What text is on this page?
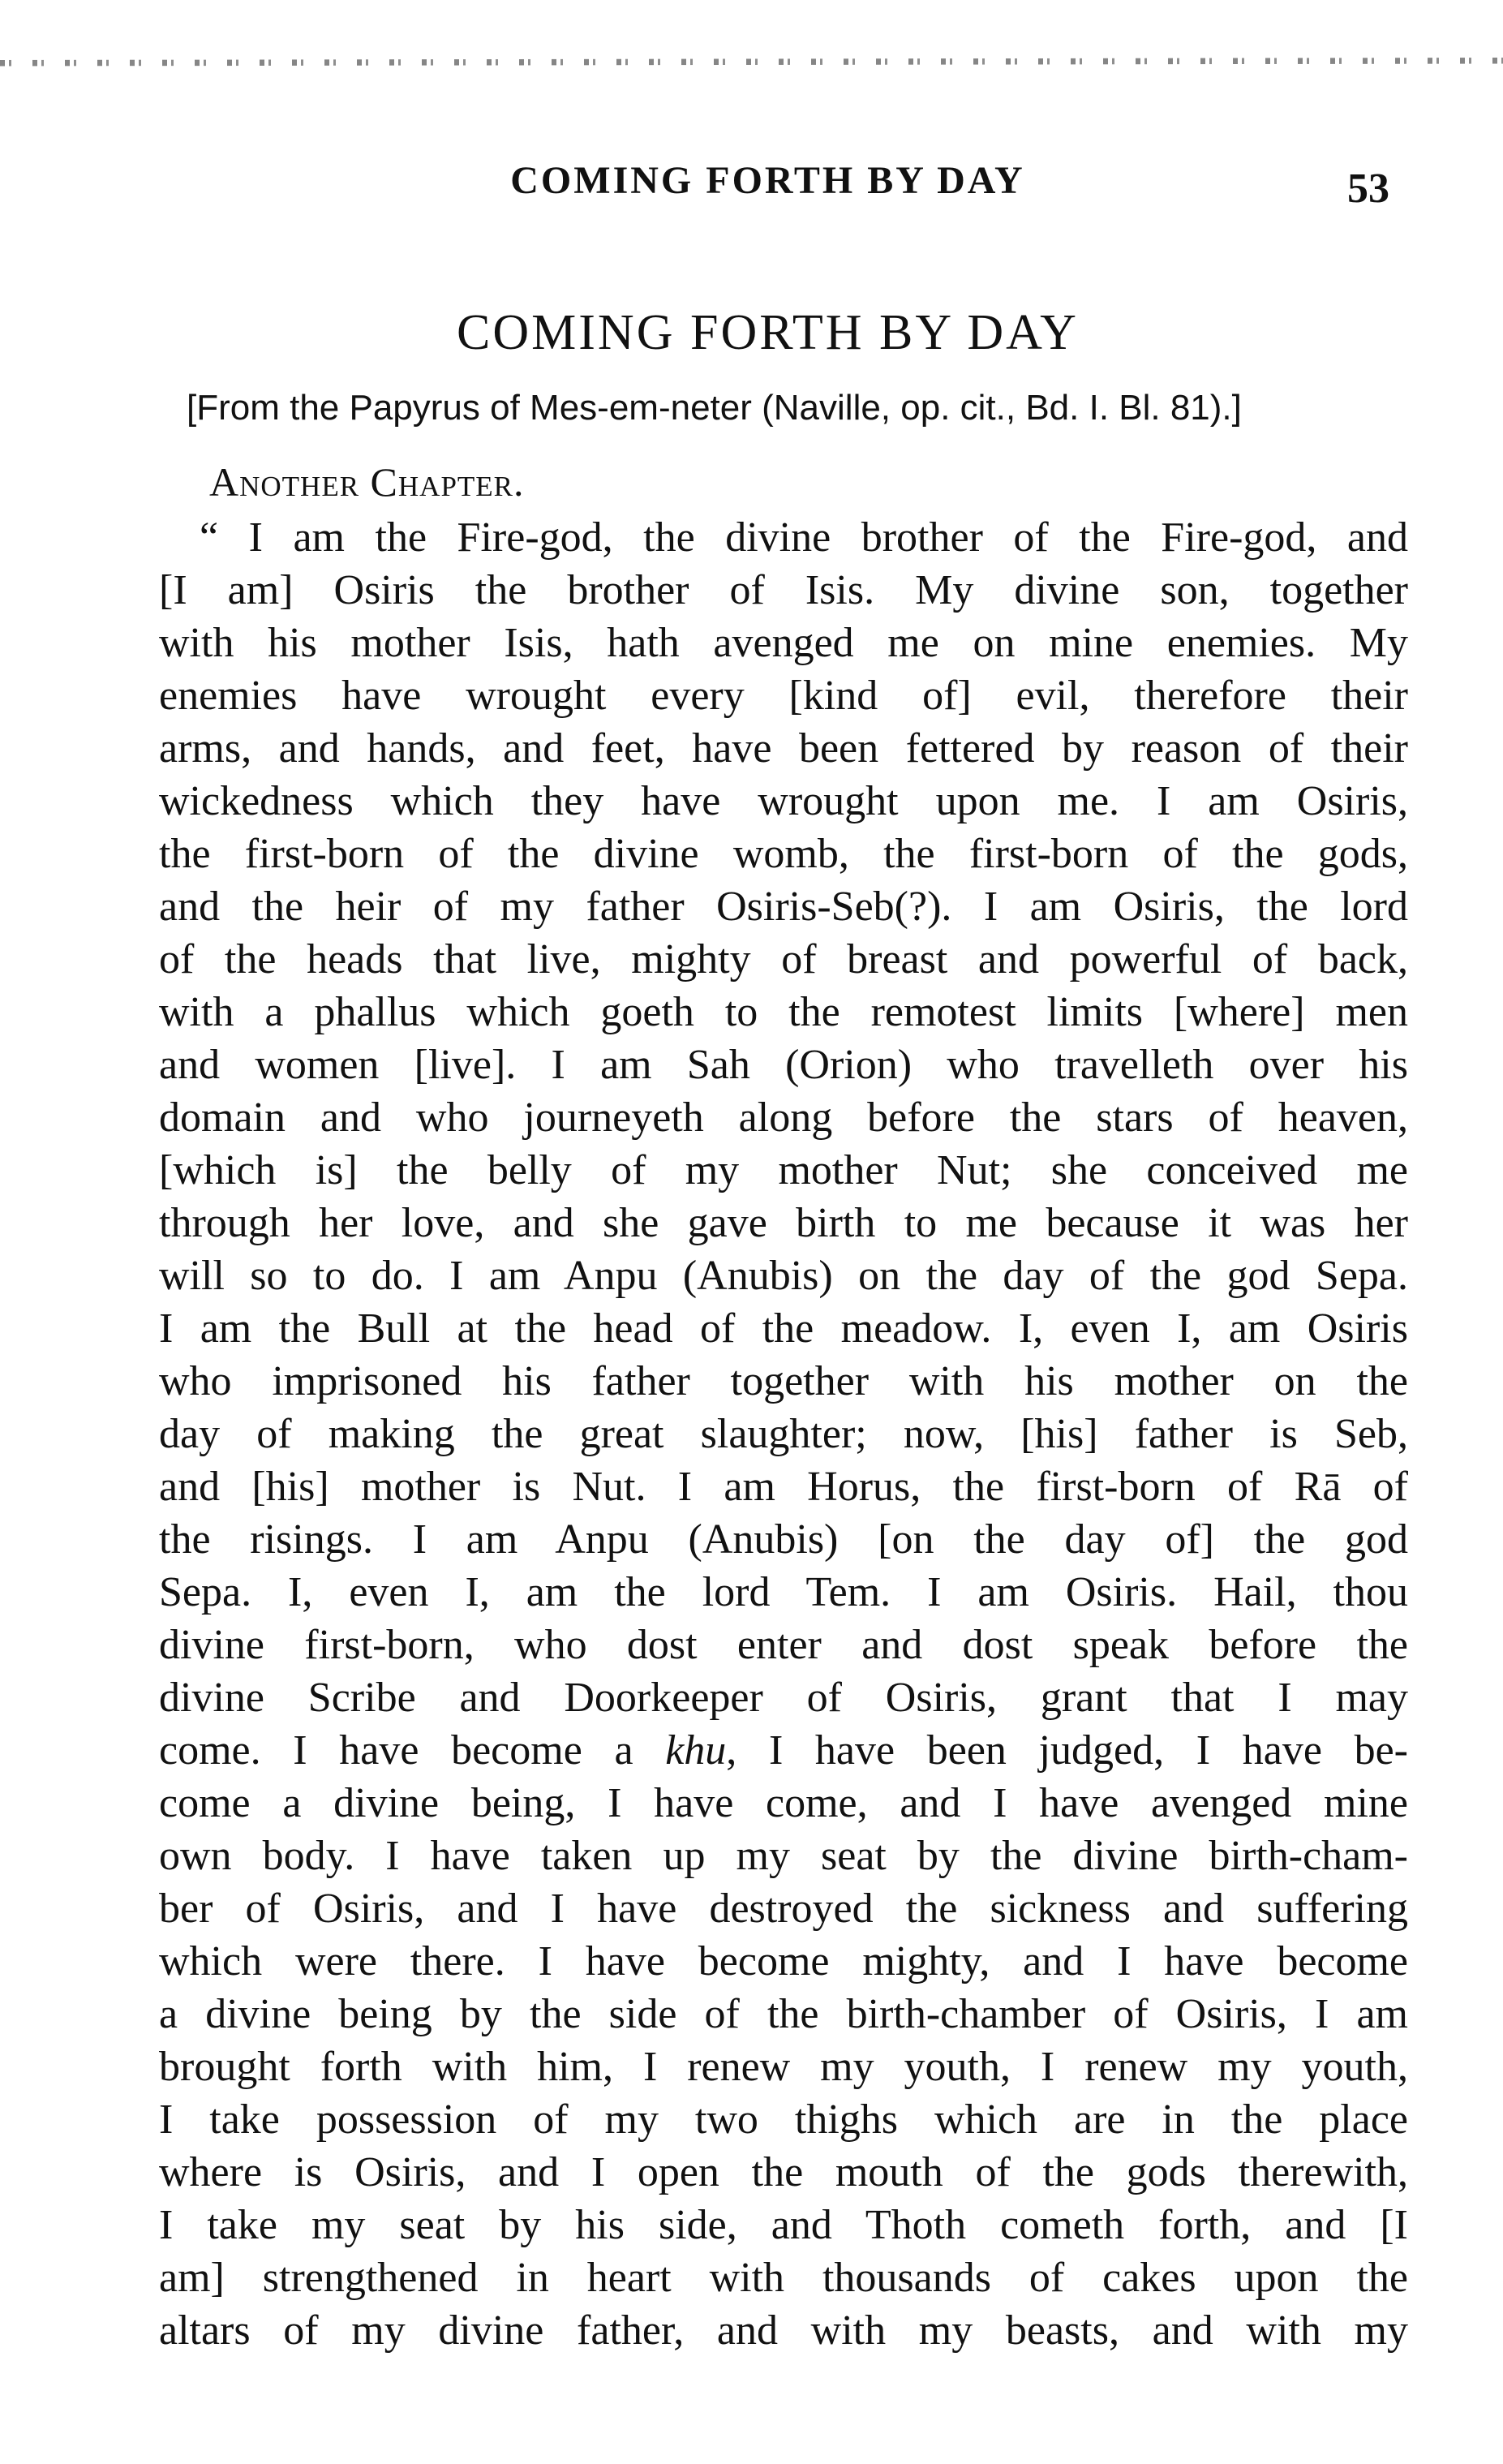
COMING FORTH BY DAY	53
COMING FORTH BY DAY
[From the Papyrus of Mes-em-neter (Naville, op. cit., Bd. I. Bl. 81).]
Another Chapter.
“ I am the Fire-god, the divine brother of the Fire-god, and
[I am] Osiris the brother of Isis. My divine son, together
with his mother Isis, hath avenged me on mine enemies. My
enemies have wrought every [kind of] evil, therefore their
arms, and hands, and feet, have been fettered by reason of their
wickedness which they have wrought upon me. I am Osiris,
the first-born of the divine womb, the first-born of the gods,
and the heir of my father Osiris-Seb(?). I am Osiris, the lord
of the heads that live, mighty of breast and powerful of back,
with a phallus which goeth to the remotest limits [where] men
and women [live]. I am Sah (Orion) who travelleth over his
domain and who journeyeth along before the stars of heaven,
[which is] the belly of my mother Nut; she conceived me
through her love, and she gave birth to me because it was her
will so to do. I am Anpu (Anubis) on the day of the god Sepa.
I am the Bull at the head of the meadow. I, even I, am Osiris
who imprisoned his father together with his mother on the
day of making the great slaughter; now, [his] father is Seb,
and [his] mother is Nut. I am Horus, the first-born of Rā of
the risings. I am Anpu (Anubis) [on the day of] the god
Sepa. I, even I, am the lord Tem. I am Osiris. Hail, thou
divine first-born, who dost enter and dost speak before the
divine Scribe and Doorkeeper of Osiris, grant that I may
come. I have become a khu, I have been judged, I have be-
come a divine being, I have come, and I have avenged mine
own body. I have taken up my seat by the divine birth-cham-
ber of Osiris, and I have destroyed the sickness and suffering
which were there. I have become mighty, and I have become
a divine being by the side of the birth-chamber of Osiris, I am
brought forth with him, I renew my youth, I renew my youth,
I take possession of my two thighs which are in the place
where is Osiris, and I open the mouth of the gods therewith,
I take my seat by his side, and Thoth cometh forth, and [I
am] strengthened in heart with thousands of cakes upon the
altars of my divine father, and with my beasts, and with my
